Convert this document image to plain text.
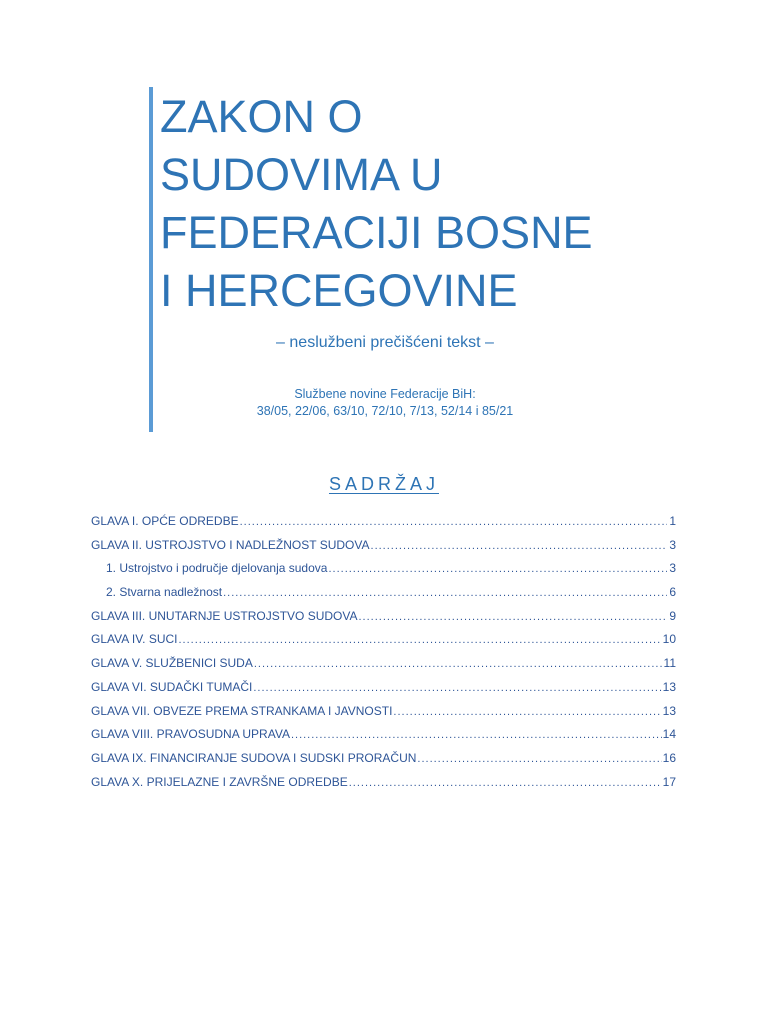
ZAKON O
SUDOVIMA U
FEDERACIJI BOSNE
I HERCEGOVINE
– neslužbeni prečišćeni tekst –
Službene novine Federacije BiH:
38/05, 22/06, 63/10, 72/10, 7/13, 52/14 i 85/21
SADRŽAJ
GLAVA I. OPĆE ODREDBE .....	1
GLAVA II. USTROJSTVO I NADLEŽNOST SUDOVA .....	3
1. Ustrojstvo i područje djelovanja sudova .....	3
2. Stvarna nadležnost .....	6
GLAVA III. UNUTARNJE USTROJSTVO SUDOVA .....	9
GLAVA IV. SUCI .....	10
GLAVA V. SLUŽBENICI SUDA .....	11
GLAVA VI. SUDAČKI TUMAČI .....	13
GLAVA VII. OBVEZE PREMA STRANKAMA I JAVNOSTI .....	13
GLAVA VIII. PRAVOSUDNA UPRAVA .....	14
GLAVA IX. FINANCIRANJE SUDOVA I SUDSKI PRORAČUN .....	16
GLAVA X. PRIJELAZNE I ZAVRŠNE ODREDBE .....	17
